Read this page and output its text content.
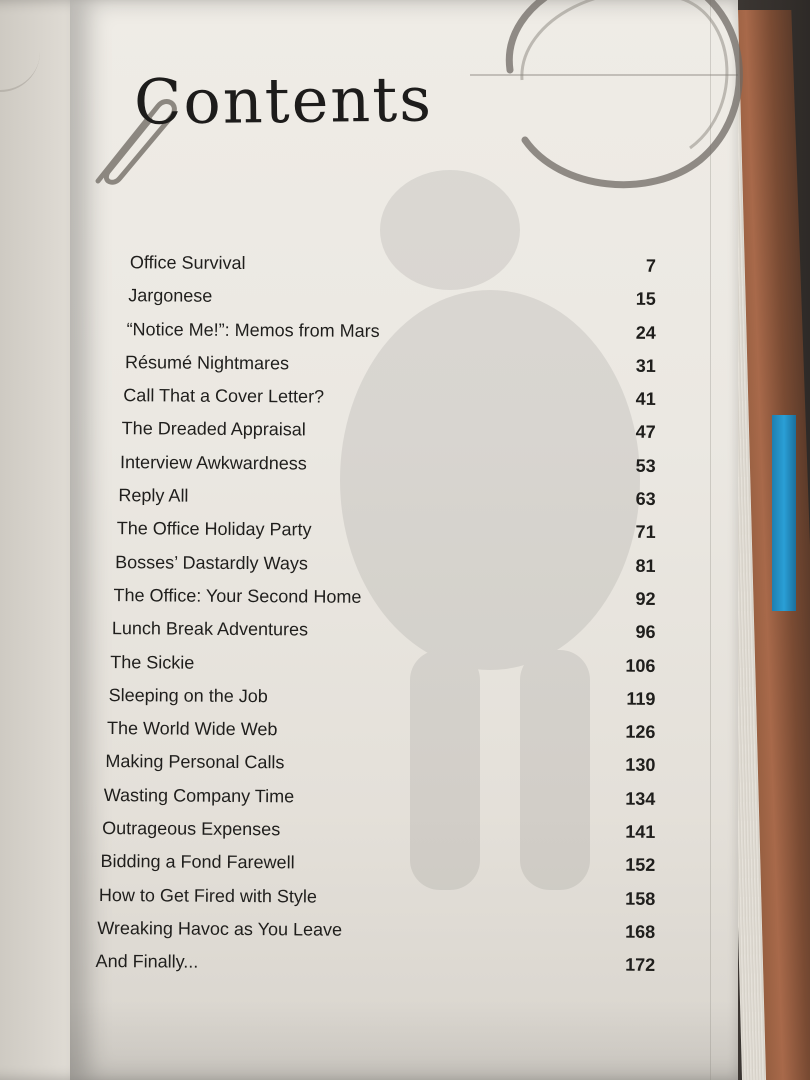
Contents
Office Survival	7
Jargonese	15
“Notice Me!”: Memos from Mars	24
Résumé Nightmares	31
Call That a Cover Letter?	41
The Dreaded Appraisal	47
Interview Awkwardness	53
Reply All	63
The Office Holiday Party	71
Bosses’ Dastardly Ways	81
The Office: Your Second Home	92
Lunch Break Adventures	96
The Sickie	106
Sleeping on the Job	119
The World Wide Web	126
Making Personal Calls	130
Wasting Company Time	134
Outrageous Expenses	141
Bidding a Fond Farewell	152
How to Get Fired with Style	158
Wreaking Havoc as You Leave	168
And Finally...	172
